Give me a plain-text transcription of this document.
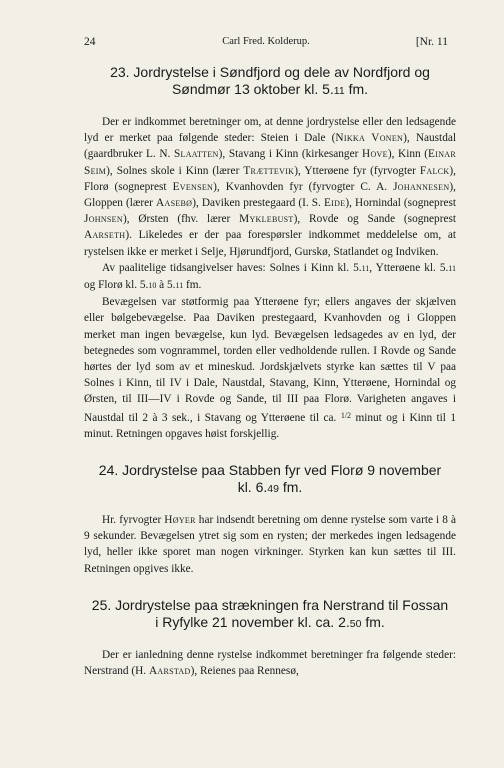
24	Carl Fred. Kolderup.	[Nr. 11
23. Jordrystelse i Søndfjord og dele av Nordfjord og
Søndmør 13 oktober kl. 5.11 fm.

Der er indkommet beretninger om, at denne jordrystelse eller den ledsagende lyd er merket paa følgende steder: Steien i Dale (Nikka Vonen), Naustdal (gaardbruker L. N. Slaatten), Stavang i Kinn (kirkesanger Hove), Kinn (Einar Seim), Solnes skole i Kinn (lærer Trættevik), Ytterøene fyr (fyrvogter Falck), Florø (sogneprest Evensen), Kvanhovden fyr (fyrvogter C. A. Johannesen), Gloppen (lærer Aasebø), Daviken prestegaard (I. S. Eide), Hornindal (sogneprest Johnsen), Ørsten (fhv. lærer Myklebust), Rovde og Sande (sogneprest Aarseth). Likeledes er der paa forespørsler indkommet meddelelse om, at rystelsen ikke er merket i Selje, Hjørundfjord, Gurskø, Statlandet og Indviken.

Av paalitelige tidsangivelser haves: Solnes i Kinn kl. 5.11, Ytterøene kl. 5.11 og Florø kl. 5.10 à 5.11 fm.

Bevægelsen var støtformig paa Ytterøene fyr; ellers angaves der skjælven eller bølgebevægelse. Paa Daviken prestegaard, Kvanhovden og i Gloppen merket man ingen bevægelse, kun lyd. Bevægelsen ledsagedes av en lyd, der betegnedes som vognrammel, torden eller vedholdende rullen. I Rovde og Sande hørtes der lyd som av et mineskud. Jordskjælvets styrke kan sættes til V paa Solnes i Kinn, til IV i Dale, Naustdal, Stavang, Kinn, Ytterøene, Hornindal og Ørsten, til III—IV i Rovde og Sande, til III paa Florø. Varigheten angaves i Naustdal til 2 à 3 sek., i Stavang og Ytterøene til ca. $^{1/2}$ minut og i Kinn til 1 minut. Retningen opgaves høist forskjellig.

24. Jordrystelse paa Stabben fyr ved Florø 9 november
kl. 6.49 fm.

Hr. fyrvogter Høyer har indsendt beretning om denne rystelse som varte i 8 à 9 sekunder. Bevægelsen ytret sig som en rysten; der merkedes ingen ledsagende lyd, heller ikke sporet man nogen virkninger. Styrken kan kun sættes til III. Retningen opgives ikke.

25. Jordrystelse paa strækningen fra Nerstrand til Fossan
i Ryfylke 21 november kl. ca. 2.50 fm.

Der er ianledning denne rystelse indkommet beretninger fra følgende steder: Nerstrand (H. Aarstad), Reienes paa Rennesø,
